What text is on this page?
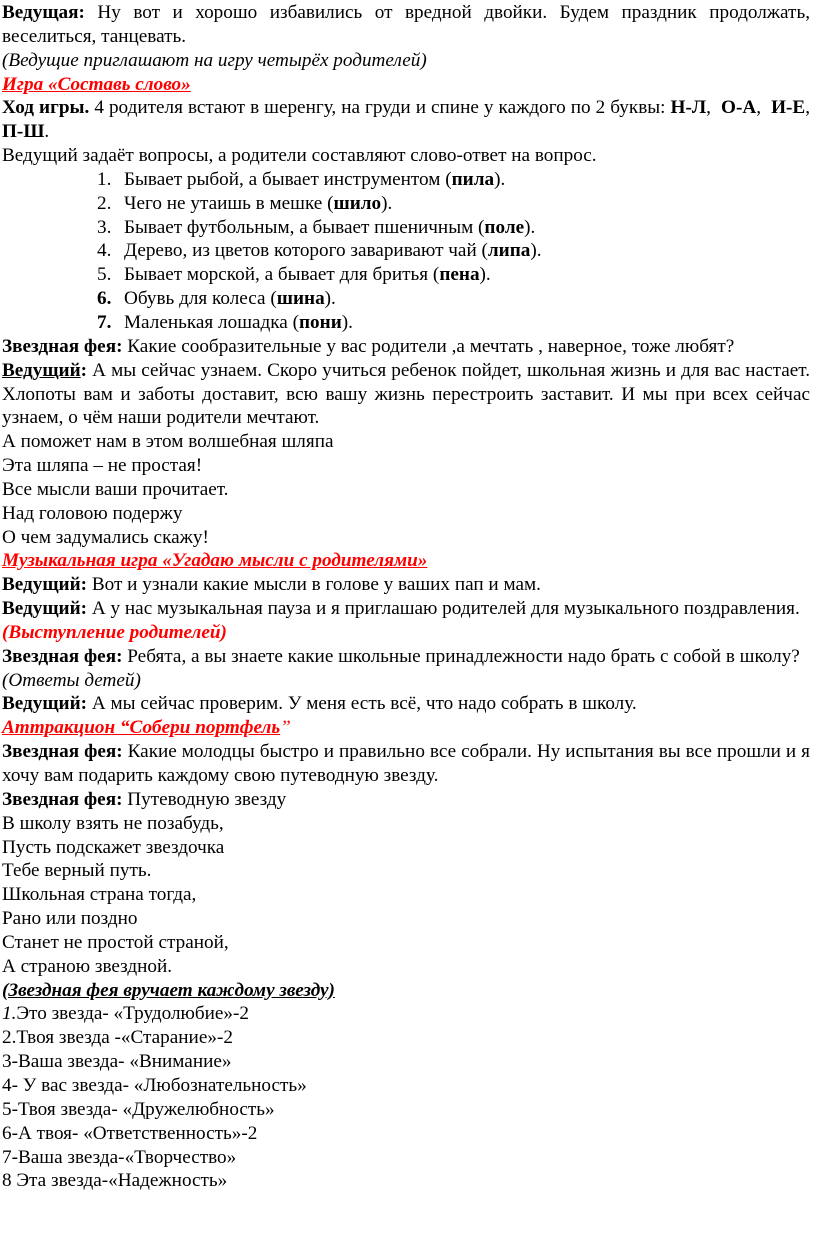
Ведущая: Ну вот и хорошо избавились от вредной двойки. Будем праздник продолжать, веселиться, танцевать.
(Ведущие приглашают на игру четырёх родителей)
Игра «Составь слово»
Ход игры. 4 родителя встают в шеренгу, на груди и спине у каждого по 2 буквы: Н-Л,  О-А,  И-Е, П-Ш.
Ведущий задаёт вопросы, а родители составляют слово-ответ на вопрос.
1. Бывает рыбой, а бывает инструментом (пила).
2. Чего не утаишь в мешке (шило).
3. Бывает футбольным, а бывает пшеничным (поле).
4. Дерево, из цветов которого заваривают чай (липа).
5. Бывает морской, а бывает для бритья (пена).
6. Обувь для колеса (шина).
7. Маленькая лошадка (пони).
Звездная фея: Какие сообразительные у вас родители ,а мечтать , наверное, тоже любят?
Ведущий: А мы сейчас узнаем. Скоро учиться ребенок пойдет, школьная жизнь и для вас настает. Хлопоты вам и заботы доставит, всю вашу жизнь перестроить заставит. И мы при всех сейчас узнаем, о чём наши родители мечтают.
А поможет нам в этом волшебная шляпа
Эта шляпа – не простая!
Все мысли ваши прочитает.
Над головою подержу
О чем задумались скажу!
Музыкальная игра «Угадаю мысли с родителями»
Ведущий: Вот и узнали какие мысли в голове у ваших пап и мам.
Ведущий: А у нас музыкальная пауза и я приглашаю родителей для музыкального поздравления.
(Выступление родителей)
Звездная фея: Ребята, а вы знаете какие школьные принадлежности надо брать с собой в школу?
(Ответы детей)
Ведущий: А мы сейчас проверим. У меня есть всё, что надо собрать в школу.
Аттракцион “Собери портфель”
Звездная фея: Какие молодцы быстро и правильно все собрали. Ну испытания вы все прошли и я хочу вам подарить каждому свою путеводную звезду.
Звездная фея: Путеводную звезду
В школу взять не позабудь,
Пусть подскажет звездочка
Тебе верный путь.
Школьная страна тогда,
Рано или поздно
Станет не простой страной,
А страною звездной.
(Звездная фея вручает каждому звезду)
1.Это звезда- «Трудолюбие»-2
2.Твоя звезда -«Старание»-2
3-Ваша звезда- «Внимание»
4- У вас звезда- «Любознательность»
5-Твоя звезда- «Дружелюбность»
6-А твоя- «Ответственность»-2
7-Ваша звезда-«Творчество»
8 Эта звезда-«Надежность»
